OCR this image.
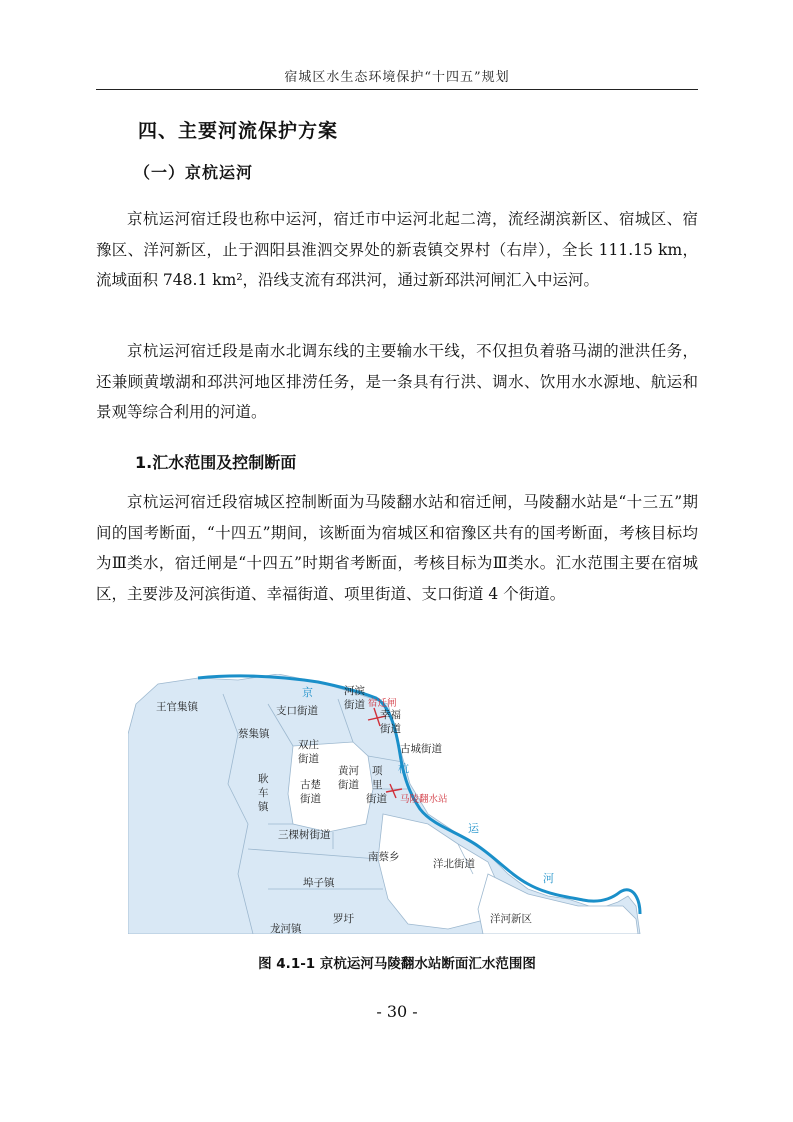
宿城区水生态环境保护“十四五”规划
四、主要河流保护方案
（一）京杭运河

京杭运河宿迁段也称中运河，宿迁市中运河北起二湾，流经湖滨新区、宿城区、宿豫区、洋河新区，止于泗阳县淮泗交界处的新袁镇交界村（右岸），全长 111.15 km，流域面积 748.1 km²，沿线支流有邳洪河，通过新邳洪河闸汇入中运河。

京杭运河宿迁段是南水北调东线的主要输水干线，不仅担负着骆马湖的泄洪任务，还兼顾黄墩湖和邳洪河地区排涝任务，是一条具有行洪、调水、饮用水水源地、航运和景观等综合利用的河道。

1.汇水范围及控制断面

京杭运河宿迁段宿城区控制断面为马陵翻水站和宿迁闸，马陵翻水站是“十三五”期间的国考断面，“十四五”期间，该断面为宿城区和宿豫区共有的国考断面，考核目标均为Ⅲ类水，宿迁闸是“十四五”时期省考断面，考核目标为Ⅲ类水。汇水范围主要在宿城区，主要涉及河滨街道、幸福街道、项里街道、支口街道 4 个街道。

京
杭
运
河
宿迁闸
马陵翻水站
王官集镇	支口街道
蔡集镇
双庄
街道
河滨
街道
幸福
街道
古城街道
耿
车
镇
黄河
街道
古楚
街道
项
里
街道
三棵树街道
南蔡乡
洋北街道
埠子镇
龙河镇
罗圩	洋河新区
图 4.1-1 京杭运河马陵翻水站断面汇水范围图
- 30 -
